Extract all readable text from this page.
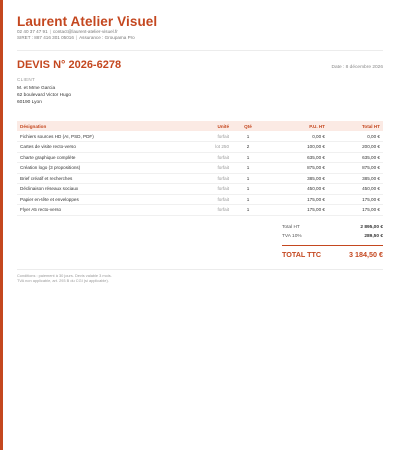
Laurent Atelier Visuel
02 40 37 47 91 | contact@laurent-atelier-visuel.fr
SIRET : 887 416 301 05016 | Assurance : Groupama Pro
DEVIS N° 2026-6278	Date : 8 décembre 2026
CLIENT
M. et Mme Garcia
62 boulevard Victor Hugo
60190 Lyon
Désignation	Unité	Qté	P.U. HT	Total HT
Fichiers sources HD (AI, PSD, PDF)	forfait	1	0,00 €	0,00 €
Cartes de visite recto-verso	lot 250	2	100,00 €	200,00 €
Charte graphique complète	forfait	1	635,00 €	635,00 €
Création logo (3 propositions)	forfait	1	875,00 €	875,00 €
Brief créatif et recherches	forfait	1	385,00 €	385,00 €
Déclinaison réseaux sociaux	forfait	1	450,00 €	450,00 €
Papier en-tête et enveloppes	forfait	1	175,00 €	175,00 €
Flyer A5 recto-verso	forfait	1	175,00 €	175,00 €
Total HT	2 895,00 €
TVA 10%	289,50 €
TOTAL TTC	3 184,50 €
Conditions : paiement à 30 jours. Devis valable 3 mois.
TVA non applicable, art. 293 B du CGI (si applicable).
